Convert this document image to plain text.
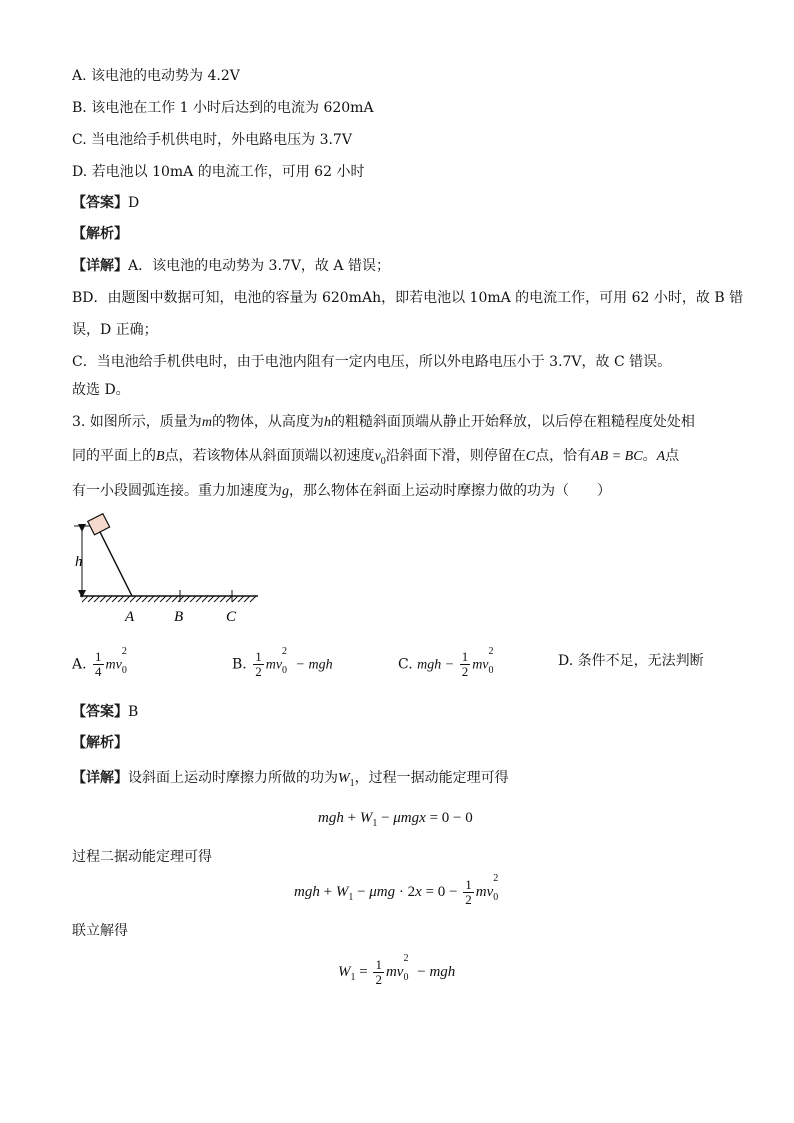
A. 该电池的电动势为 4.2V
B. 该电池在工作 1 小时后达到的电流为 620mA
C. 当电池给手机供电时，外电路电压为 3.7V
D. 若电池以 10mA 的电流工作，可用 62 小时
【答案】D
【解析】
【详解】A．该电池的电动势为 3.7V，故 A 错误；
BD．由题图中数据可知，电池的容量为 620mAh，即若电池以 10mA 的电流工作，可用 62 小时，故 B 错
误，D 正确；
C．当电池给手机供电时，由于电池内阻有一定内电压，所以外电路电压小于 3.7V，故 C 错误。
故选 D。
3. 如图所示，质量为m的物体，从高度为h的粗糙斜面顶端从静止开始释放，以后停在粗糙程度处处相
同的平面上的B点，若该物体从斜面顶端以初速度$v_0$沿斜面下滑，则停留在C点，恰有AB = BC。A点
有一小段圆弧连接。重力加速度为g，那么物体在斜面上运动时摩擦力做的功为（　　）
h
A	B	C
A. $\frac{1}{4} mv_0^2$
B. $\frac{1}{2} mv_0^2$ − mgh	C. mgh − $\frac{1}{2} mv_0^2$
D. 条件不足，无法判断
【答案】B
【解析】
【详解】设斜面上运动时摩擦力所做的功为$W_1$，过程一据动能定理可得
mgh + $W_1 - \mu mgx = 0 - 0$
过程二据动能定理可得
mgh + $W_1 - \mu mg \cdot 2x = 0 - \frac{1}{2} mv_0^2$
联立解得
$W_1 = \frac{1}{2} mv_0^2$ − mgh
